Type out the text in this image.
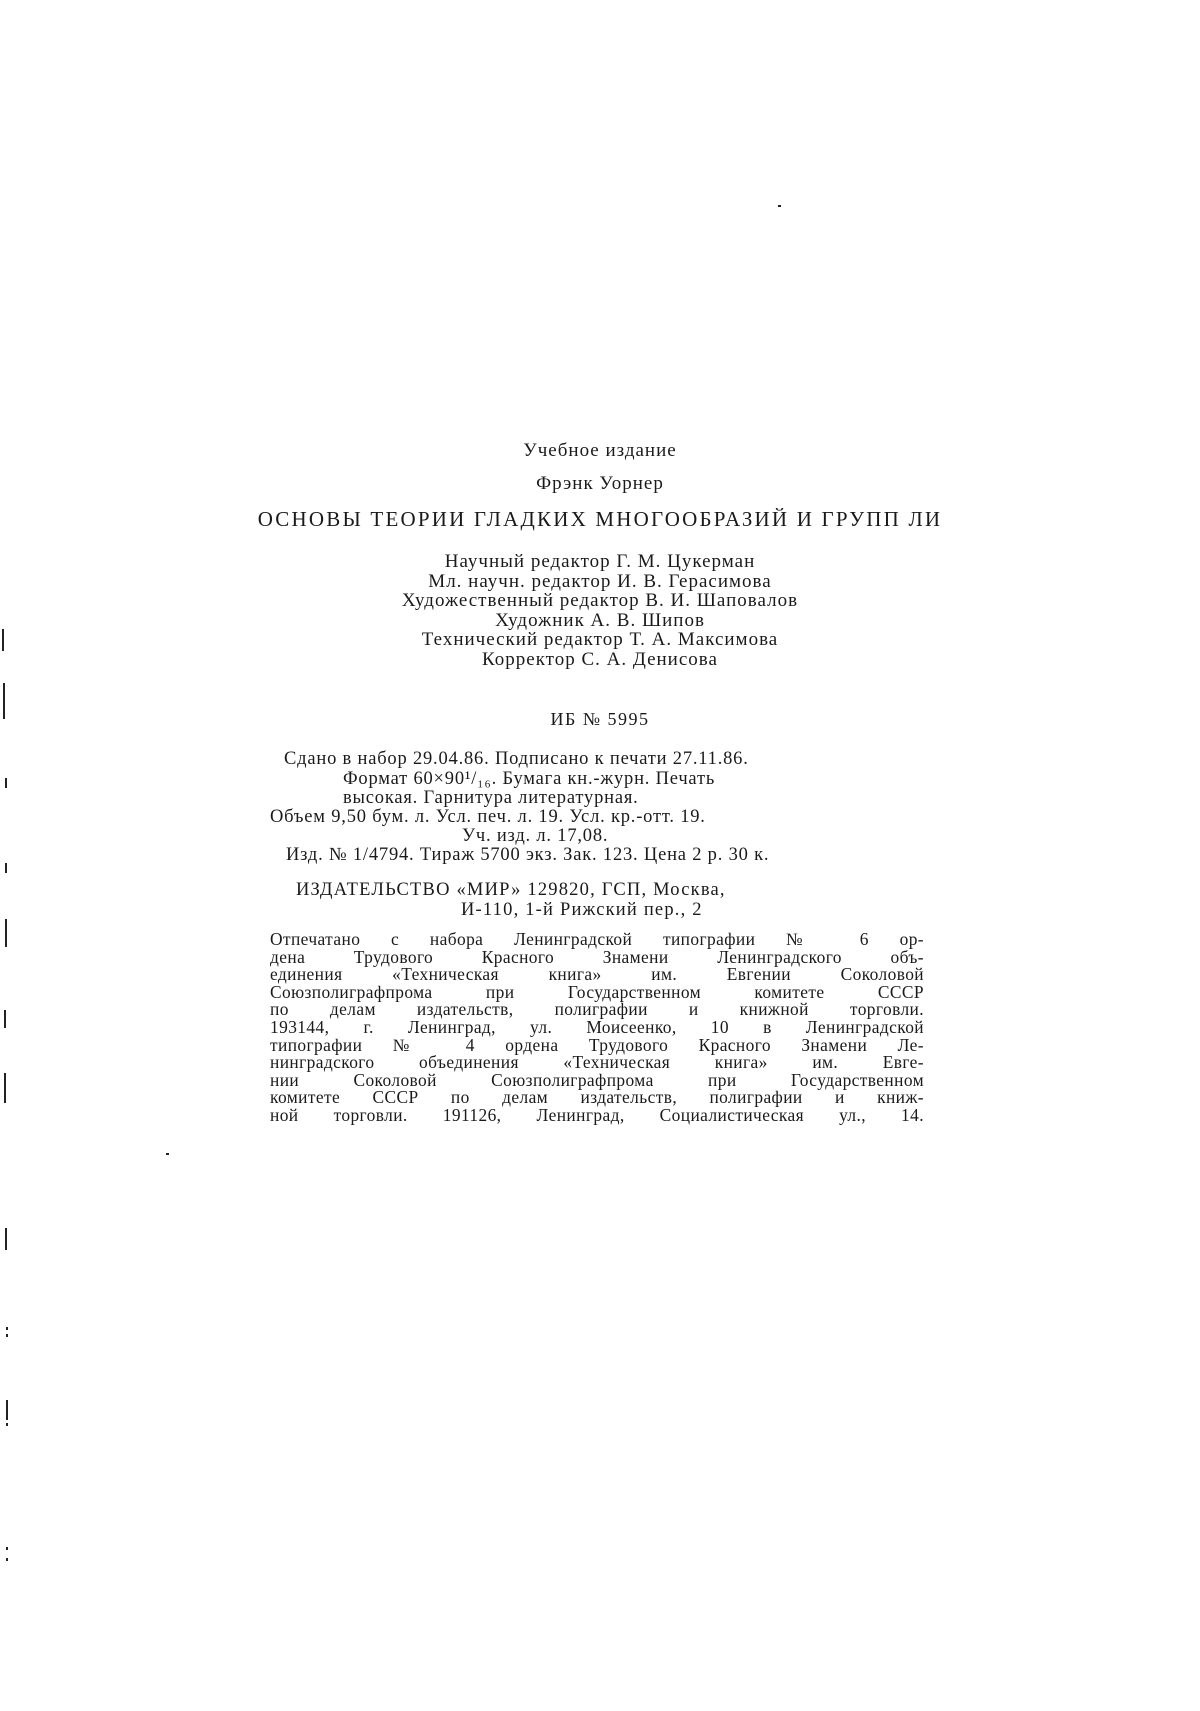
Учебное издание
Фрэнк Уорнер
ОСНОВЫ ТЕОРИИ ГЛАДКИХ МНОГООБРАЗИЙ И ГРУПП ЛИ
Научный редактор Г. М. Цукерман
Мл. научн. редактор И. В. Герасимова
Художественный редактор В. И. Шаповалов
Художник А. В. Шипов
Технический редактор Т. А. Максимова
Корректор С. А. Денисова
ИБ № 5995
Сдано в набор 29.04.86. Подписано к печати 27.11.86.
Формат 60×90¹/₁₆. Бумага кн.-журн. Печать
высокая. Гарнитура литературная.
Объем 9,50 бум. л. Усл. печ. л. 19. Усл. кр.-отт. 19.
Уч. изд. л. 17,08.
Изд. № 1/4794. Тираж 5700 экз. Зак. 123. Цена 2 р. 30 к.
ИЗДАТЕЛЬСТВО «МИР» 129820, ГСП, Москва,
И-110, 1-й Рижский пер., 2
Отпечатано с набора Ленинградской типографии № 6 ор-
дена Трудового Красного Знамени Ленинградского объ-
единения «Техническая книга» им. Евгении Соколовой
Союзполиграфпрома при Государственном комитете СССР
по делам издательств, полиграфии и книжной торговли.
193144, г. Ленинград, ул. Моисеенко, 10 в Ленинградской
типографии № 4 ордена Трудового Красного Знамени Ле-
нинградского объединения «Техническая книга» им. Евге-
нии Соколовой Союзполиграфпрома при Государственном
комитете СССР по делам издательств, полиграфии и книж-
ной торговли. 191126, Ленинград, Социалистическая ул., 14.
